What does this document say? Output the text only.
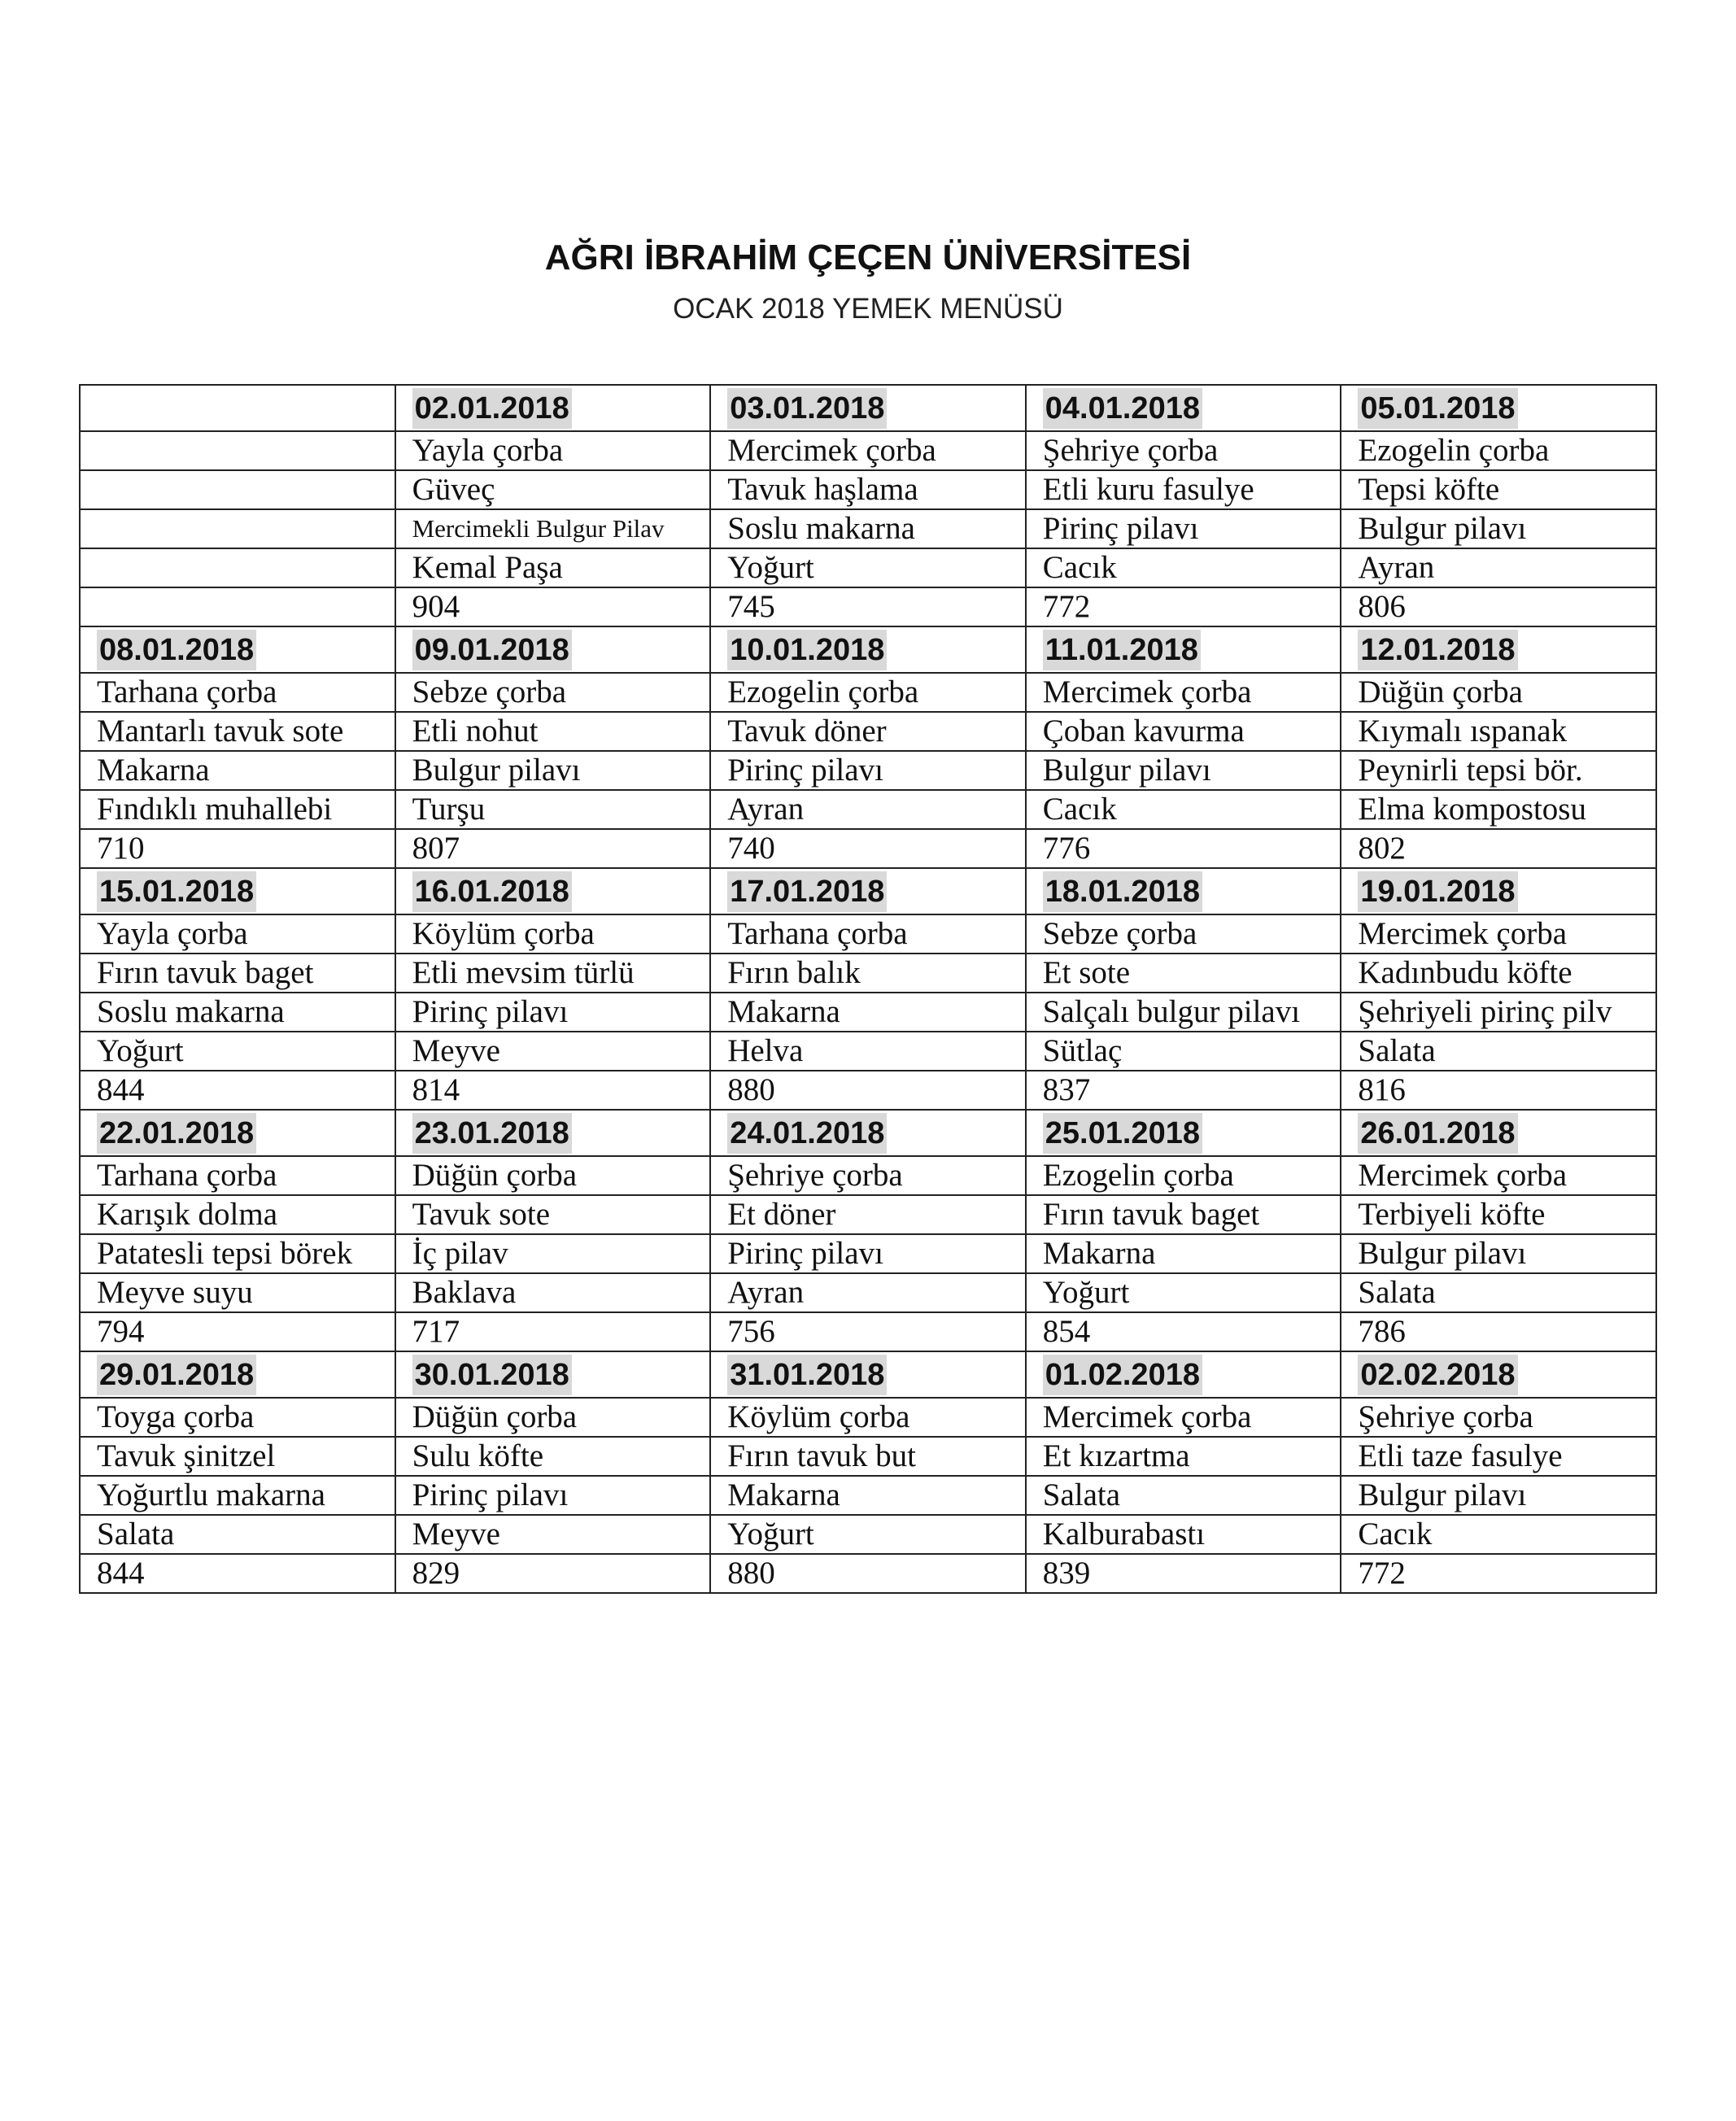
AĞRI İBRAHİM ÇEÇEN ÜNİVERSİTESİ
OCAK 2018 YEMEK MENÜSÜ
	02.01.2018	03.01.2018	04.01.2018	05.01.2018
	Yayla çorba	Mercimek çorba	Şehriye çorba	Ezogelin çorba
	Güveç	Tavuk haşlama	Etli kuru fasulye	Tepsi köfte
	Mercimekli Bulgur Pilav	Soslu makarna	Pirinç pilavı	Bulgur pilavı
	Kemal Paşa	Yoğurt	Cacık	Ayran
	904	745	772	806
08.01.2018	09.01.2018	10.01.2018	11.01.2018	12.01.2018
Tarhana çorba	Sebze çorba	Ezogelin çorba	Mercimek çorba	Düğün çorba
Mantarlı tavuk sote	Etli nohut	Tavuk döner	Çoban kavurma	Kıymalı ıspanak
Makarna	Bulgur pilavı	Pirinç pilavı	Bulgur pilavı	Peynirli tepsi bör.
Fındıklı muhallebi	Turşu	Ayran	Cacık	Elma kompostosu
710	807	740	776	802
15.01.2018	16.01.2018	17.01.2018	18.01.2018	19.01.2018
Yayla çorba	Köylüm çorba	Tarhana çorba	Sebze çorba	Mercimek çorba
Fırın tavuk baget	Etli mevsim türlü	Fırın balık	Et sote	Kadınbudu köfte
Soslu makarna	Pirinç pilavı	Makarna	Salçalı bulgur pilavı	Şehriyeli pirinç pilv
Yoğurt	Meyve	Helva	Sütlaç	Salata
844	814	880	837	816
22.01.2018	23.01.2018	24.01.2018	25.01.2018	26.01.2018
Tarhana çorba	Düğün çorba	Şehriye çorba	Ezogelin çorba	Mercimek çorba
Karışık dolma	Tavuk sote	Et döner	Fırın tavuk baget	Terbiyeli köfte
Patatesli tepsi börek	İç pilav	Pirinç pilavı	Makarna	Bulgur pilavı
Meyve suyu	Baklava	Ayran	Yoğurt	Salata
794	717	756	854	786
29.01.2018	30.01.2018	31.01.2018	01.02.2018	02.02.2018
Toyga çorba	Düğün çorba	Köylüm çorba	Mercimek çorba	Şehriye çorba
Tavuk şinitzel	Sulu köfte	Fırın tavuk but	Et kızartma	Etli taze fasulye
Yoğurtlu makarna	Pirinç pilavı	Makarna	Salata	Bulgur pilavı
Salata	Meyve	Yoğurt	Kalburabastı	Cacık
844	829	880	839	772
